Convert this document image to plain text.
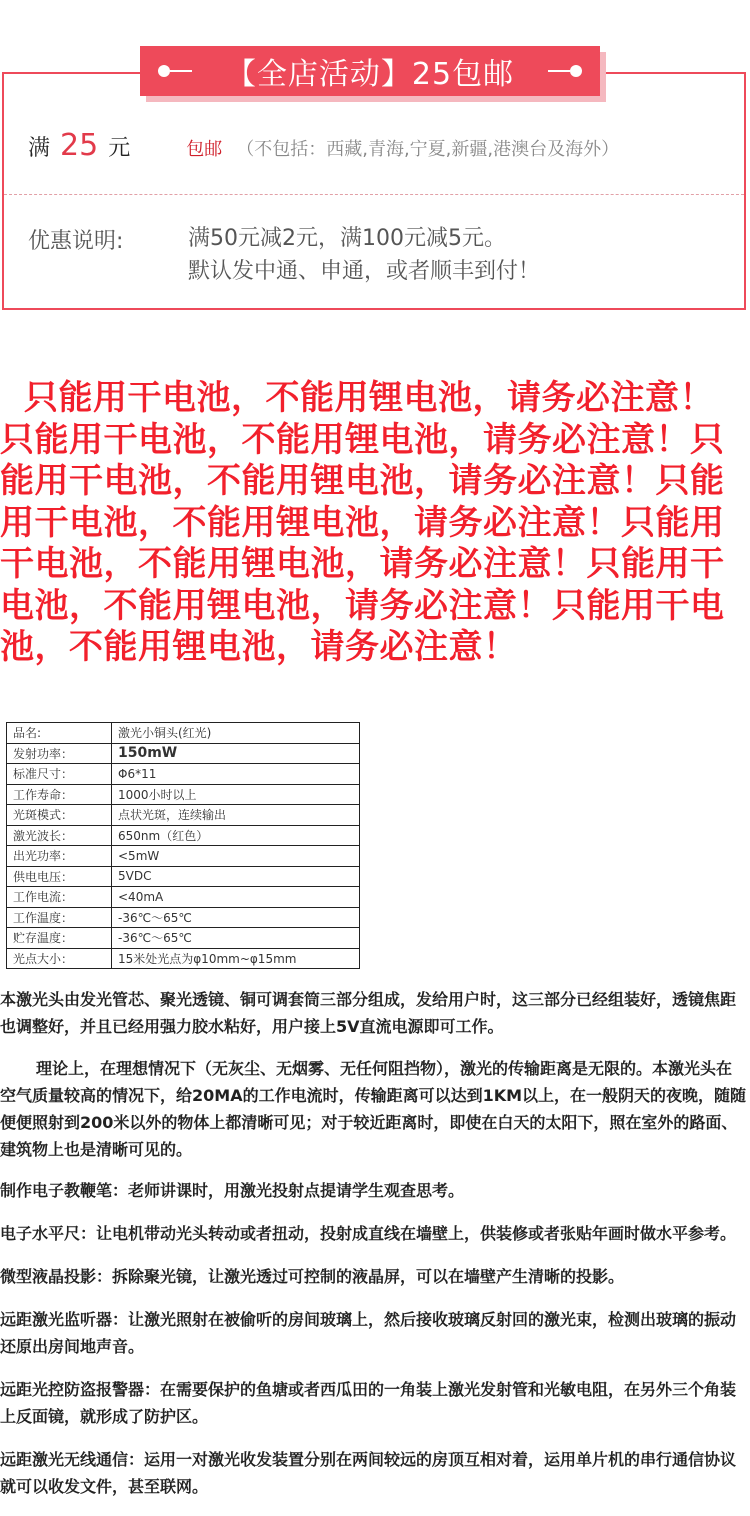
【全店活动】25包邮
满 25 元	包邮 （不包括：西藏,青海,宁夏,新疆,港澳台及海外）
优惠说明:	满50元减2元，满100元减5元。
默认发中通、申通，或者顺丰到付！
只能用干电池，不能用锂电池，请务必注意！只能用干电池，不能用锂电池，请务必注意！只能用干电池，不能用锂电池，请务必注意！只能用干电池，不能用锂电池，请务必注意！只能用干电池，不能用锂电池，请务必注意！只能用干电池，不能用锂电池，请务必注意！只能用干电池，不能用锂电池，请务必注意！
品名:	激光小铜头(红光)
发射功率：	150mW
标准尺寸：	Φ6*11
工作寿命：	1000小时以上
光斑模式：	点状光斑，连续输出
激光波长：	650nm（红色）
出光功率：	<5mW
供电电压：	5VDC
工作电流：	<40mA
工作温度：	-36℃～65℃
贮存温度：	-36℃～65℃
光点大小：	15米处光点为φ10mm~φ15mm

本激光头由发光管芯、聚光透镜、铜可调套筒三部分组成，发给用户时，这三部分已经组装好，透镜焦距也调整好，并且已经用强力胶水粘好，用户接上5V直流电源即可工作。

理论上，在理想情况下（无灰尘、无烟雾、无任何阻挡物），激光的传输距离是无限的。本激光头在空气质量较高的情况下，给20MA的工作电流时，传输距离可以达到1KM以上，在一般阴天的夜晚，随随便便照射到200米以外的物体上都清晰可见；对于较近距离时，即使在白天的太阳下，照在室外的路面、建筑物上也是清晰可见的。

制作电子教鞭笔：老师讲课时，用激光投射点提请学生观查思考。

电子水平尺：让电机带动光头转动或者扭动，投射成直线在墙壁上，供装修或者张贴年画时做水平参考。

微型液晶投影：拆除聚光镜，让激光透过可控制的液晶屏，可以在墙壁产生清晰的投影。

远距激光监听器：让激光照射在被偷听的房间玻璃上，然后接收玻璃反射回的激光束，检测出玻璃的振动还原出房间地声音。

远距光控防盗报警器：在需要保护的鱼塘或者西瓜田的一角装上激光发射管和光敏电阻，在另外三个角装上反面镜，就形成了防护区。

远距激光无线通信：运用一对激光收发装置分别在两间较远的房顶互相对着，运用单片机的串行通信协议就可以收发文件，甚至联网。
